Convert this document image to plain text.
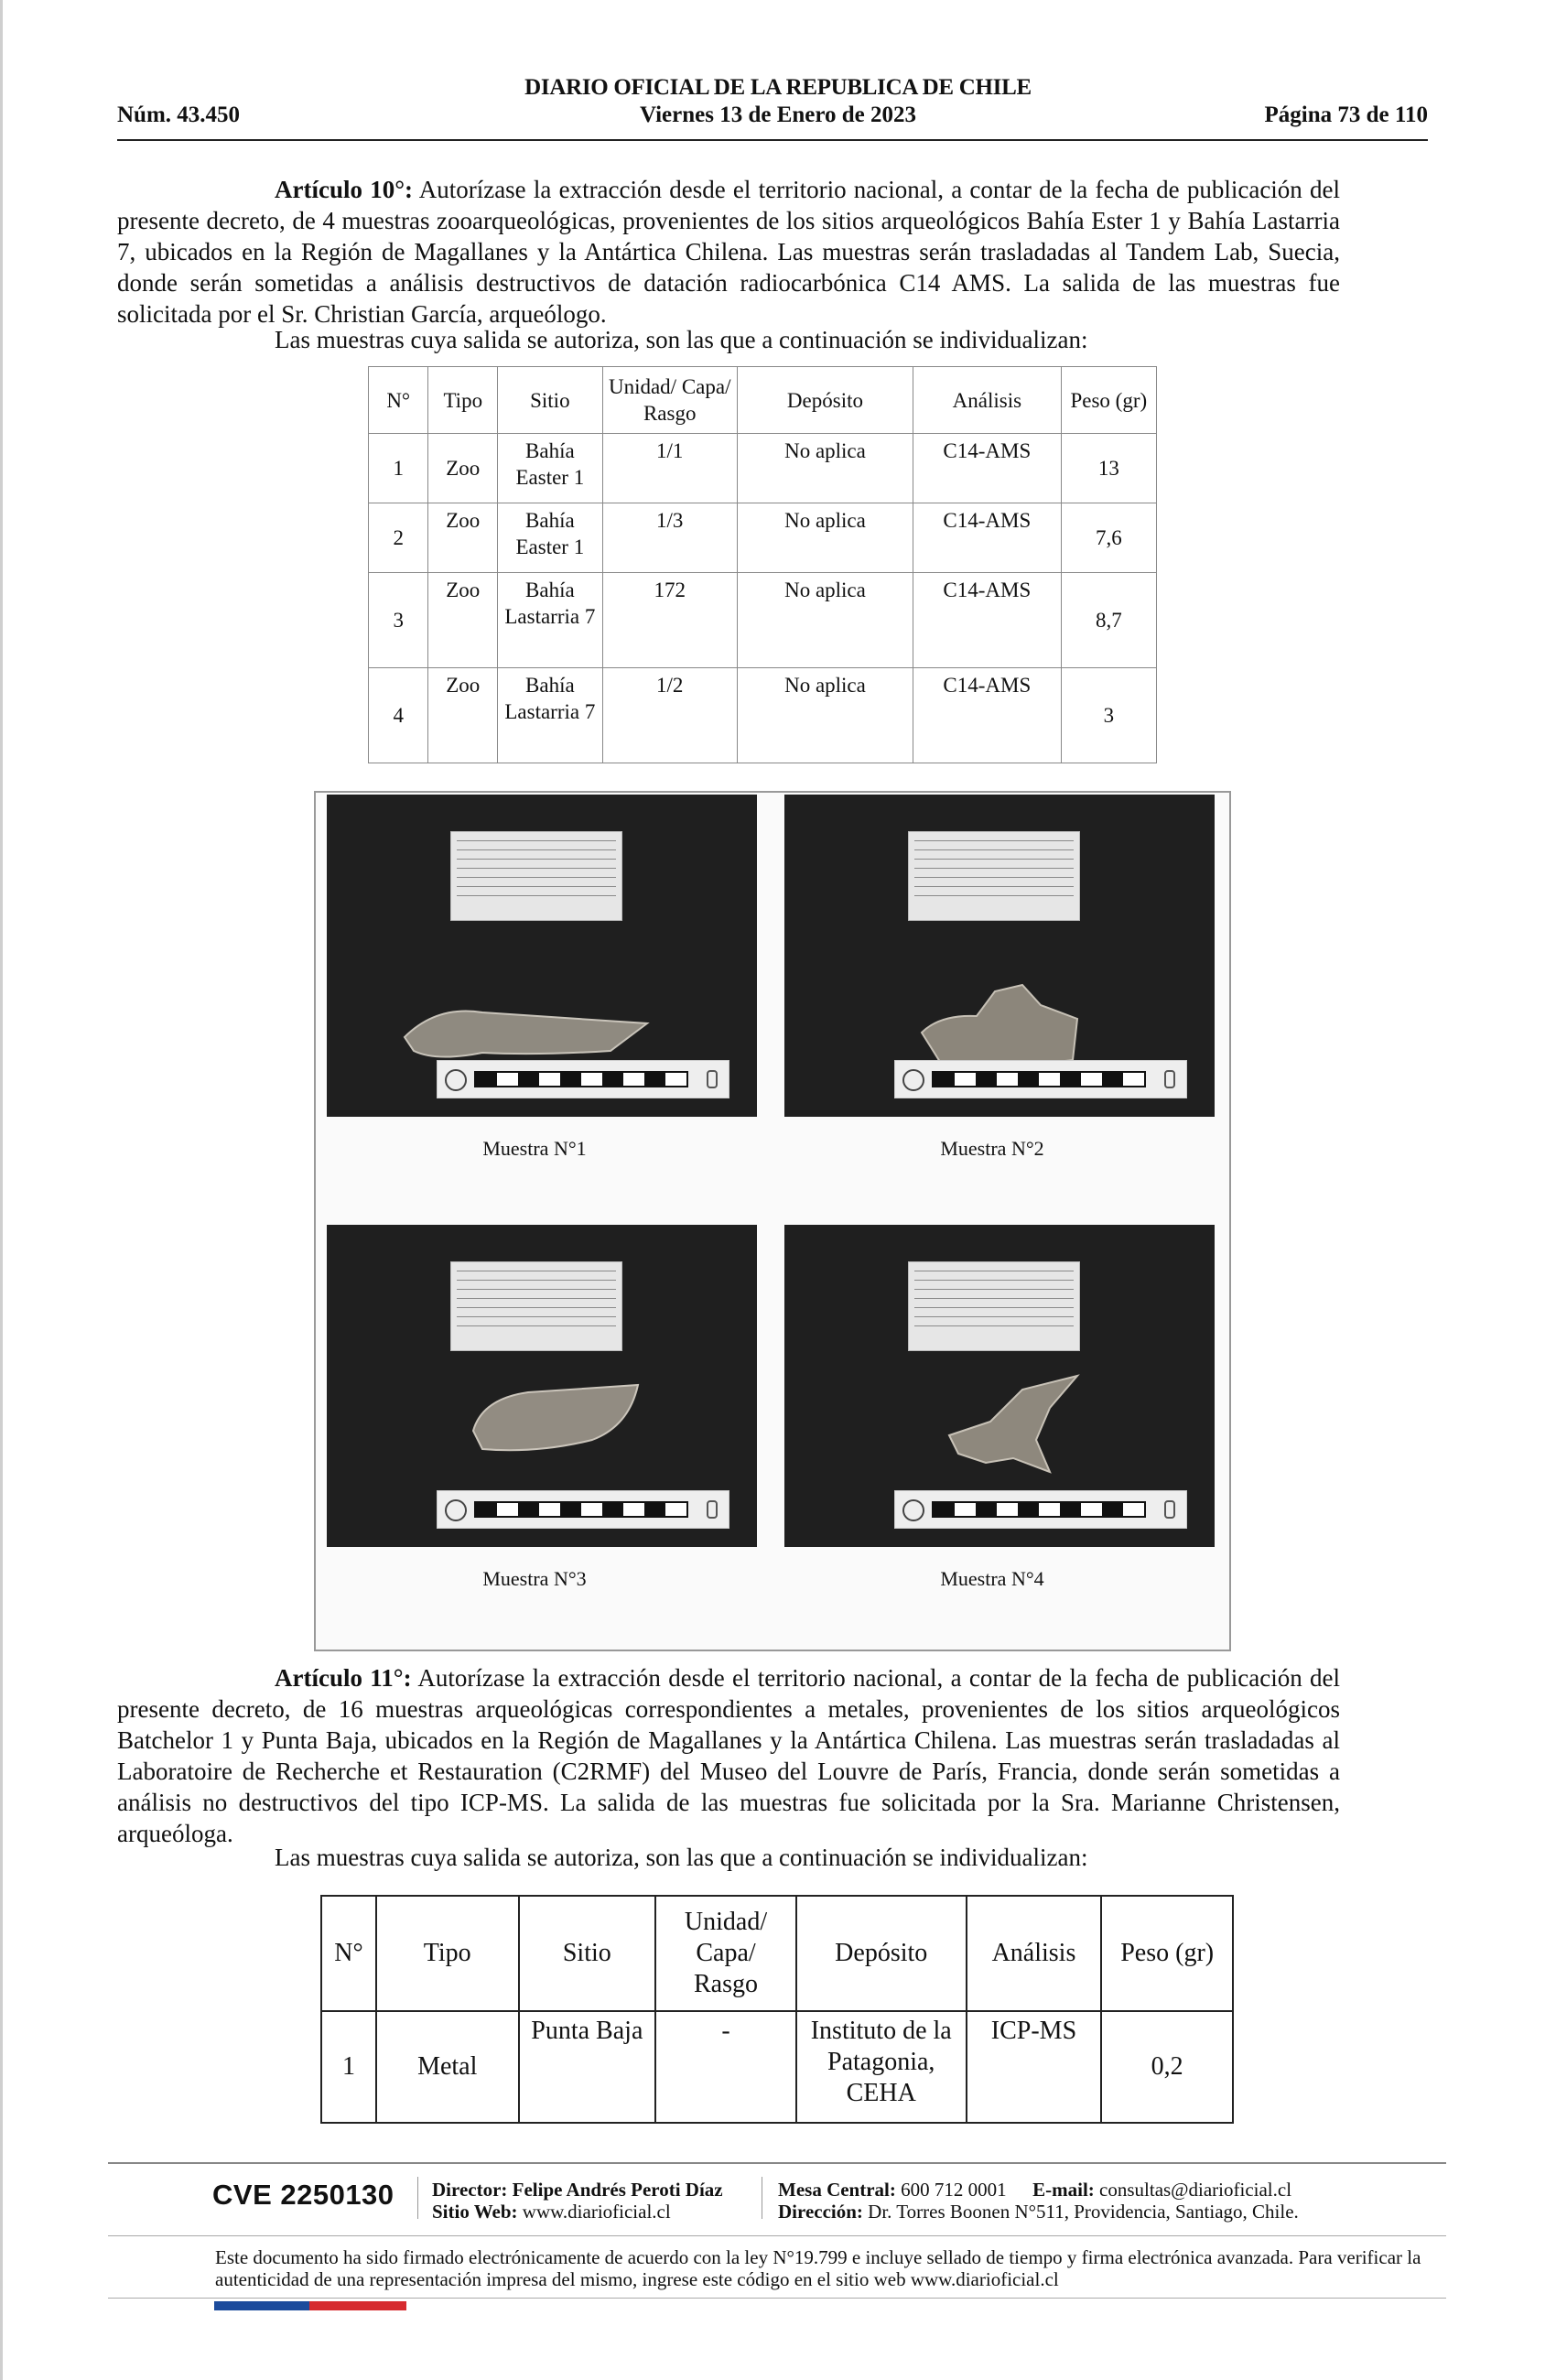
DIARIO OFICIAL DE LA REPUBLICA DE CHILE
Núm. 43.450	Viernes 13 de Enero de 2023	Página 73 de 110
Artículo 10°: Autorízase la extracción desde el territorio nacional, a contar de la fecha de publicación del presente decreto, de 4 muestras zooarqueológicas, provenientes de los sitios arqueológicos Bahía Ester 1 y Bahía Lastarria 7, ubicados en la Región de Magallanes y la Antártica Chilena. Las muestras serán trasladadas al Tandem Lab, Suecia, donde serán sometidas a análisis destructivos de datación radiocarbónica C14 AMS. La salida de las muestras fue solicitada por el Sr. Christian García, arqueólogo.
Las muestras cuya salida se autoriza, son las que a continuación se individualizan:
N°	Tipo	Sitio	Unidad/ Capa/ Rasgo	Depósito	Análisis	Peso (gr)
1	Zoo	Bahía Easter 1	1/1	No aplica	C14-AMS	13
2	Zoo	Bahía Easter 1	1/3	No aplica	C14-AMS	7,6
3	Zoo	Bahía Lastarria 7	172	No aplica	C14-AMS	8,7
4	Zoo	Bahía Lastarria 7	1/2	No aplica	C14-AMS	3
Muestra N°1	Muestra N°2
Muestra N°3	Muestra N°4
Artículo 11°: Autorízase la extracción desde el territorio nacional, a contar de la fecha de publicación del presente decreto, de 16 muestras arqueológicas correspondientes a metales, provenientes de los sitios arqueológicos Batchelor 1 y Punta Baja, ubicados en la Región de Magallanes y la Antártica Chilena. Las muestras serán trasladadas al Laboratoire de Recherche et Restauration (C2RMF) del Museo del Louvre de París, Francia, donde serán sometidas a análisis no destructivos del tipo ICP-MS. La salida de las muestras fue solicitada por la Sra. Marianne Christensen, arqueóloga.
Las muestras cuya salida se autoriza, son las que a continuación se individualizan:
N°	Tipo	Sitio	Unidad/ Capa/ Rasgo	Depósito	Análisis	Peso (gr)
1	Metal	Punta Baja	-	Instituto de la Patagonia, CEHA	ICP-MS	0,2
CVE 2250130 Director: Felipe Andrés Peroti Díaz
Sitio Web: www.diarioficial.cl
Mesa Central: 600 712 0001 E-mail: consultas@diarioficial.cl
Dirección: Dr. Torres Boonen N°511, Providencia, Santiago, Chile.
Este documento ha sido firmado electrónicamente de acuerdo con la ley N°19.799 e incluye sellado de tiempo y firma electrónica avanzada. Para verificar la autenticidad de una representación impresa del mismo, ingrese este código en el sitio web www.diarioficial.cl
